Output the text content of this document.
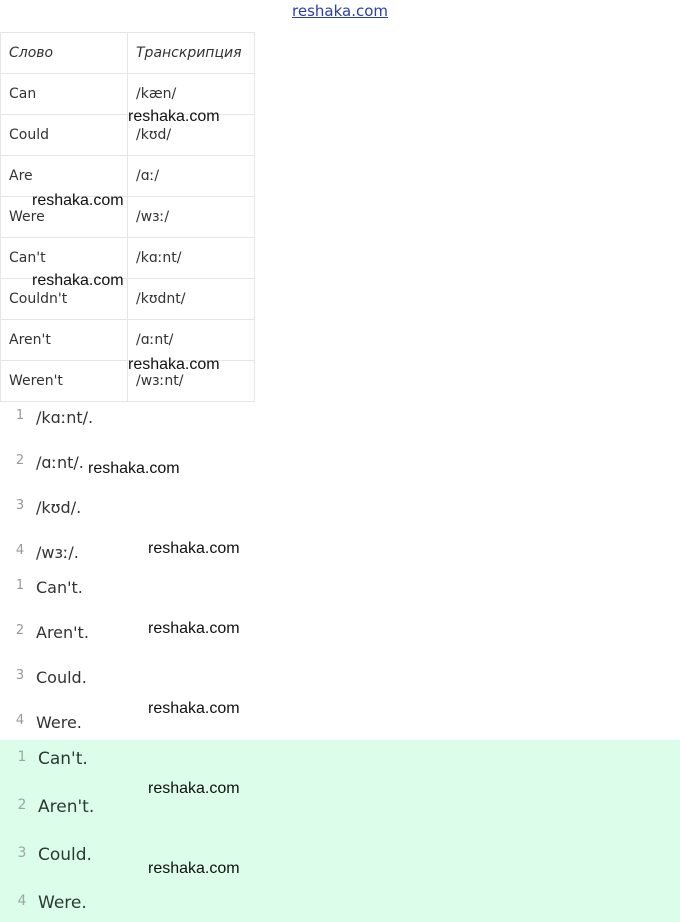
reshaka.com
Слово	Транскрипция
Can	/kæn/
Could	/kʊd/
Are	/ɑː/
Were	/wɜː/
Can't	/kɑːnt/
Couldn't	/kʊdnt/
Aren't	/ɑːnt/
Weren't	/wɜːnt/
1 /kɑːnt/.
2 /ɑːnt/.
3 /kʊd/.
4 /wɜː/.
1 Can't.
2 Aren't.
3 Could.
4 Were.
1 Can't.
2 Aren't.
3 Could.
4 Were.
reshaka.com
reshaka.com
reshaka.com
reshaka.com
reshaka.com
reshaka.com
reshaka.com
reshaka.com
reshaka.com
reshaka.com
